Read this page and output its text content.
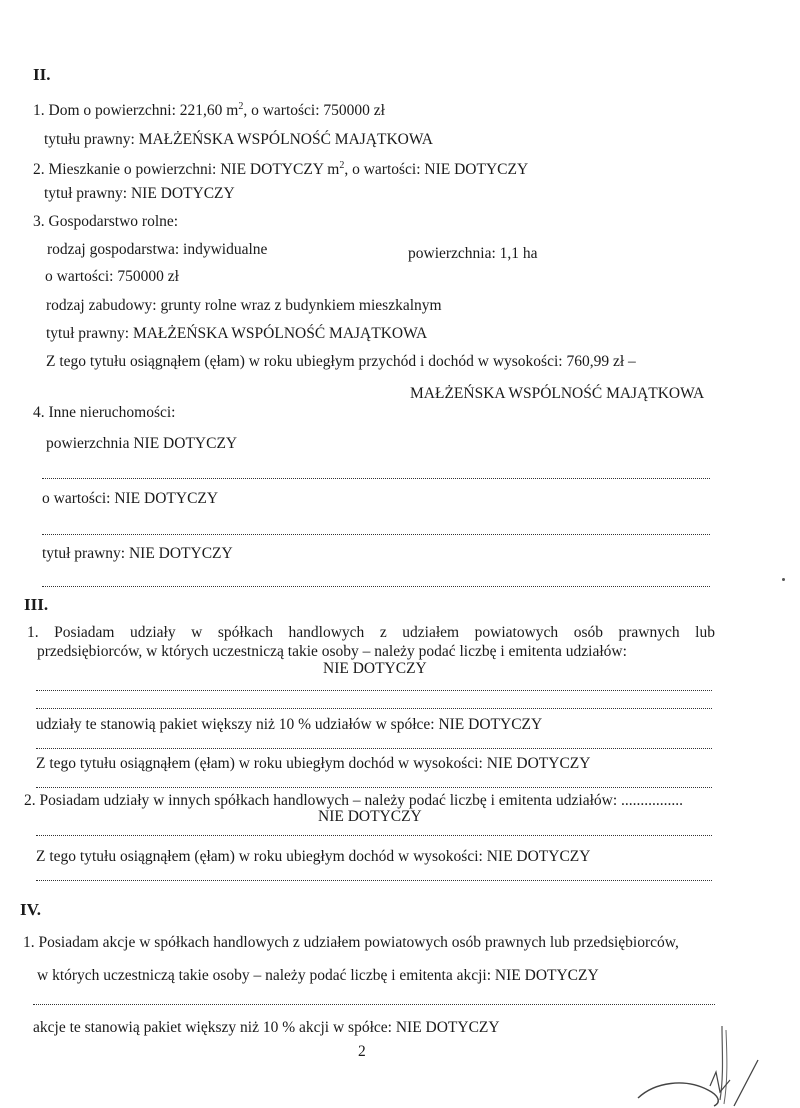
II.
1. Dom o powierzchni: 221,60 $m^2$, o wartości: 750000 zł
tytułu prawny: MAŁŻEŃSKA WSPÓLNOŚĆ MAJĄTKOWA
2. Mieszkanie o powierzchni: NIE DOTYCZY $m^2$, o wartości: NIE DOTYCZY
tytuł prawny: NIE DOTYCZY
3. Gospodarstwo rolne:
rodzaj gospodarstwa: indywidualne	powierzchnia: 1,1 ha
o wartości: 750000 zł
rodzaj zabudowy: grunty rolne wraz z budynkiem mieszkalnym
tytuł prawny: MAŁŻEŃSKA WSPÓLNOŚĆ MAJĄTKOWA
Z tego tytułu osiągnąłem (ęłam) w roku ubiegłym przychód i dochód w wysokości: 760,99 zł –
MAŁŻEŃSKA WSPÓLNOŚĆ MAJĄTKOWA
4. Inne nieruchomości:
powierzchnia NIE DOTYCZY
o wartości: NIE DOTYCZY
tytuł prawny: NIE DOTYCZY
III.
1. Posiadam udziały w spółkach handlowych z udziałem powiatowych osób prawnych lub
przedsiębiorców, w których uczestniczą takie osoby – należy podać liczbę i emitenta udziałów:
NIE DOTYCZY
udziały te stanowią pakiet większy niż 10 % udziałów w spółce: NIE DOTYCZY
Z tego tytułu osiągnąłem (ęłam) w roku ubiegłym dochód w wysokości: NIE DOTYCZY
2. Posiadam udziały w innych spółkach handlowych – należy podać liczbę i emitenta udziałów: ................
NIE DOTYCZY
Z tego tytułu osiągnąłem (ęłam) w roku ubiegłym dochód w wysokości: NIE DOTYCZY
IV.
1. Posiadam akcje w spółkach handlowych z udziałem powiatowych osób prawnych lub przedsiębiorców,
w których uczestniczą takie osoby – należy podać liczbę i emitenta akcji: NIE DOTYCZY
akcje te stanowią pakiet większy niż 10 % akcji w spółce: NIE DOTYCZY
2
